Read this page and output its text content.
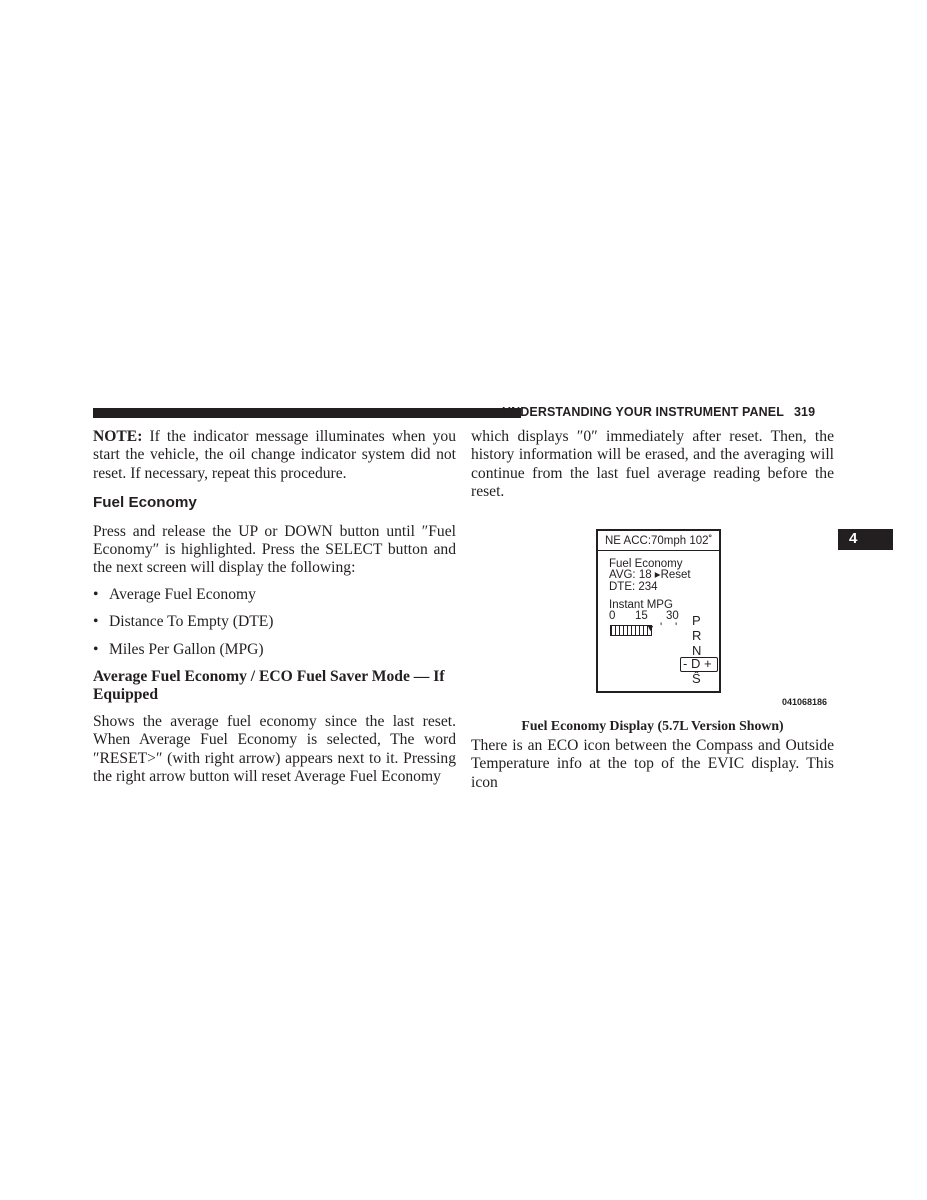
UNDERSTANDING YOUR INSTRUMENT PANEL 319
4

NOTE: If the indicator message illuminates when you start the vehicle, the oil change indicator system did not reset. If necessary, repeat this procedure.

Fuel Economy

Press and release the UP or DOWN button until ″Fuel Economy″ is highlighted. Press the SELECT button and the next screen will display the following:

• Average Fuel Economy
• Distance To Empty (DTE)
• Miles Per Gallon (MPG)
Average Fuel Economy / ECO Fuel Saver Mode — If Equipped

Shows the average fuel economy since the last reset. When Average Fuel Economy is selected, The word ″RESET>″ (with right arrow) appears next to it. Pressing the right arrow button will reset Average Fuel Economy

which displays ″0″ immediately after reset. Then, the history information will be erased, and the averaging will continue from the last fuel average reading before the reset.

NE ACC:70mph 102˚
Fuel Economy
AVG: 18 ▸Reset
DTE: 234
Instant MPG
0 15 30
▼ ' ' P
R
N
- D +
Ŝ
041068186
Fuel Economy Display (5.7L Version Shown)

There is an ECO icon between the Compass and Outside Temperature info at the top of the EVIC display. This icon
